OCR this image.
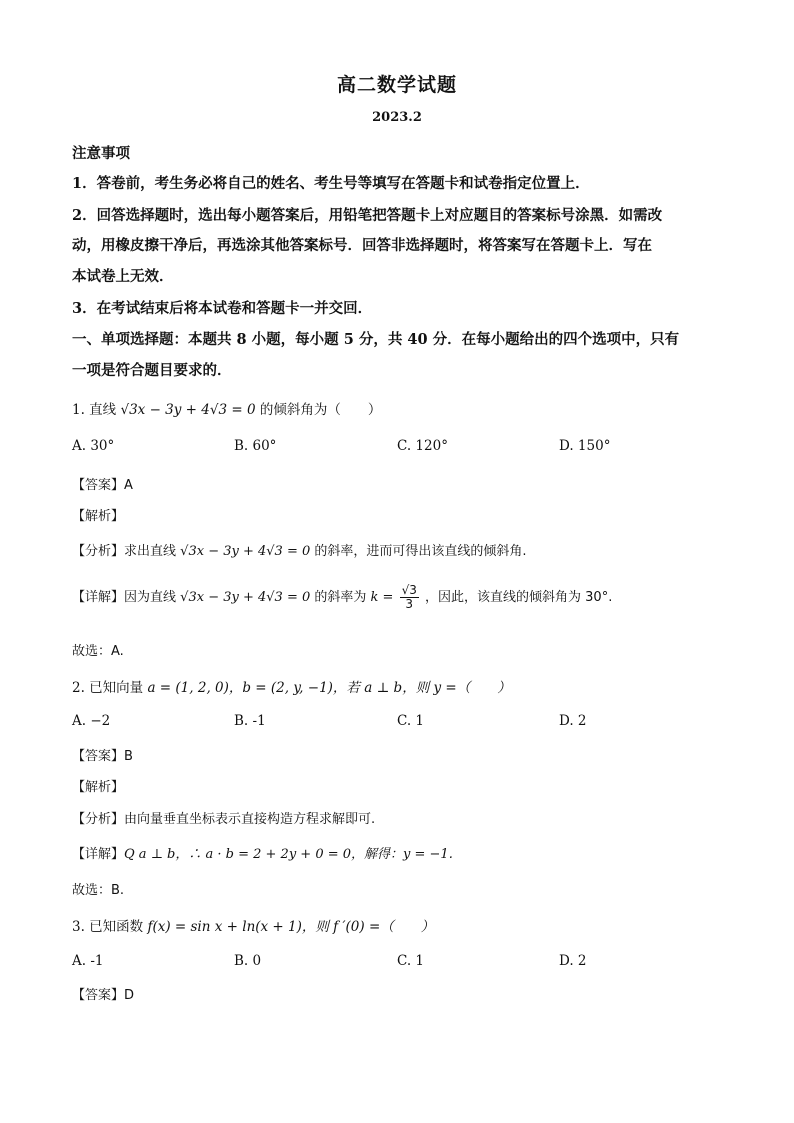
高二数学试题
2023.2
注意事项
1．答卷前，考生务必将自己的姓名、考生号等填写在答题卡和试卷指定位置上．
2．回答选择题时，选出每小题答案后，用铅笔把答题卡上对应题目的答案标号涂黑．如需改
动，用橡皮擦干净后，再选涂其他答案标号．回答非选择题时，将答案写在答题卡上．写在
本试卷上无效．
3．在考试结束后将本试卷和答题卡一并交回．
一、单项选择题：本题共 8 小题，每小题 5 分，共 40 分．在每小题给出的四个选项中，只有
一项是符合题目要求的．
1. 直线 √3x − 3y + 4√3 = 0 的倾斜角为（　　）
A. 30°	B. 60°	C. 120°	D. 150°
【答案】A
【解析】
【分析】求出直线 √3x − 3y + 4√3 = 0 的斜率，进而可得出该直线的倾斜角.
【详解】因为直线 √3x − 3y + 4√3 = 0 的斜率为 $k = \frac{√3}{3}$ ，因此，该直线的倾斜角为 30°.
故选：A.
2. 已知向量 a = (1, 2, 0)，b = (2, y, −1)，若 a ⊥ b，则 y =（　　）
A. −2	B. -1	C. 1	D. 2
【答案】B
【解析】
【分析】由向量垂直坐标表示直接构造方程求解即可.
【详解】Q a ⊥ b，∴ a · b = 2 + 2y + 0 = 0，解得：y = −1.
故选：B.
3. 已知函数 f(x) = sin x + ln(x + 1)，则 f ′(0) =（　　）
A. -1	B. 0	C. 1	D. 2
【答案】D
